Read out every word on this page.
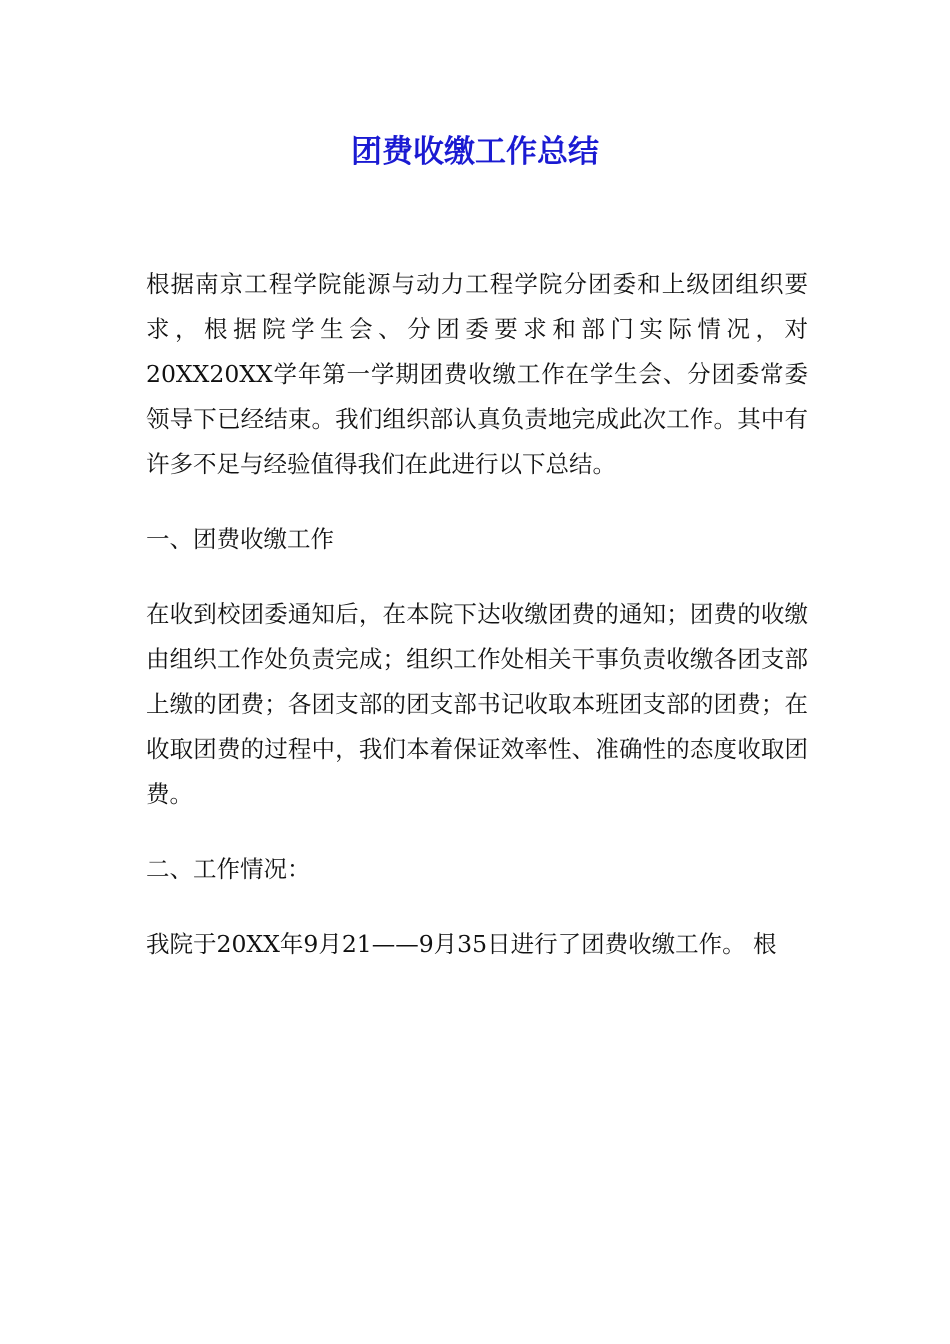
团费收缴工作总结

根据南京工程学院能源与动力工程学院分团委和上级团组织要求，根据院学生会、分团委要求和部门实际情况，对20XX20XX学年第一学期团费收缴工作在学生会、分团委常委领导下已经结束。我们组织部认真负责地完成此次工作。其中有许多不足与经验值得我们在此进行以下总结。

一、团费收缴工作

在收到校团委通知后，在本院下达收缴团费的通知；团费的收缴由组织工作处负责完成；组织工作处相关干事负责收缴各团支部上缴的团费；各团支部的团支部书记收取本班团支部的团费；在收取团费的过程中，我们本着保证效率性、准确性的态度收取团费。

二、工作情况：

我院于20XX年9月21——9月35日进行了团费收缴工作。 根
